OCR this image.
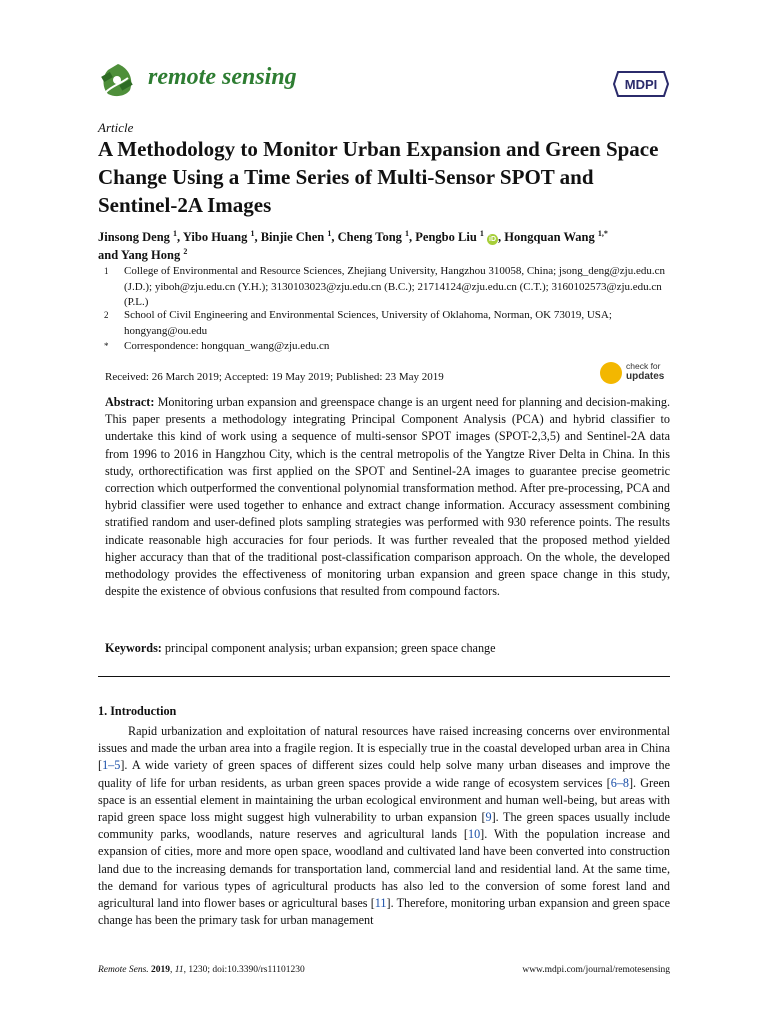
remote sensing	MDPI
Article
A Methodology to Monitor Urban Expansion and Green Space Change Using a Time Series of Multi-Sensor SPOT and Sentinel-2A Images
Jinsong Deng $^1$, Yibo Huang $^1$, Binjie Chen $^1$, Cheng Tong $^1$, Pengbo Liu $^1$ iD , Hongquan Wang $^{1,*}$
and Yang Hong $^2$
1 College of Environmental and Resource Sciences, Zhejiang University, Hangzhou 310058, China; jsong_deng@zju.edu.cn (J.D.); yiboh@zju.edu.cn (Y.H.); 3130103023@zju.edu.cn (B.C.); 21714124@zju.edu.cn (C.T.); 3160102573@zju.edu.cn (P.L.)
2 School of Civil Engineering and Environmental Sciences, University of Oklahoma, Norman, OK 73019, USA; hongyang@ou.edu
* Correspondence: hongquan_wang@zju.edu.cn
Received: 26 March 2019; Accepted: 19 May 2019; Published: 23 May 2019
check for
updates
Abstract: Monitoring urban expansion and greenspace change is an urgent need for planning and decision-making. This paper presents a methodology integrating Principal Component Analysis (PCA) and hybrid classifier to undertake this kind of work using a sequence of multi-sensor SPOT images (SPOT-2,3,5) and Sentinel-2A data from 1996 to 2016 in Hangzhou City, which is the central metropolis of the Yangtze River Delta in China. In this study, orthorectification was first applied on the SPOT and Sentinel-2A images to guarantee precise geometric correction which outperformed the conventional polynomial transformation method. After pre-processing, PCA and hybrid classifier were used together to enhance and extract change information. Accuracy assessment combining stratified random and user-defined plots sampling strategies was performed with 930 reference points. The results indicate reasonable high accuracies for four periods. It was further revealed that the proposed method yielded higher accuracy than that of the traditional post-classification comparison approach. On the whole, the developed methodology provides the effectiveness of monitoring urban expansion and green space change in this study, despite the existence of obvious confusions that resulted from compound factors.
Keywords: principal component analysis; urban expansion; green space change
1. Introduction
Rapid urbanization and exploitation of natural resources have raised increasing concerns over environmental issues and made the urban area into a fragile region. It is especially true in the coastal developed urban area in China [1–5]. A wide variety of green spaces of different sizes could help solve many urban diseases and improve the quality of life for urban residents, as urban green spaces provide a wide range of ecosystem services [6–8]. Green space is an essential element in maintaining the urban ecological environment and human well-being, but areas with rapid green space loss might suggest high vulnerability to urban expansion [9]. The green spaces usually include community parks, woodlands, nature reserves and agricultural lands [10]. With the population increase and expansion of cities, more and more open space, woodland and cultivated land have been converted into construction land due to the increasing demands for transportation land, commercial land and residential land. At the same time, the demand for various types of agricultural products has also led to the conversion of some forest land and agricultural land into flower bases or agricultural bases [11]. Therefore, monitoring urban expansion and green space change has been the primary task for urban management
Remote Sens. 2019, 11, 1230; doi:10.3390/rs11101230	www.mdpi.com/journal/remotesensing
